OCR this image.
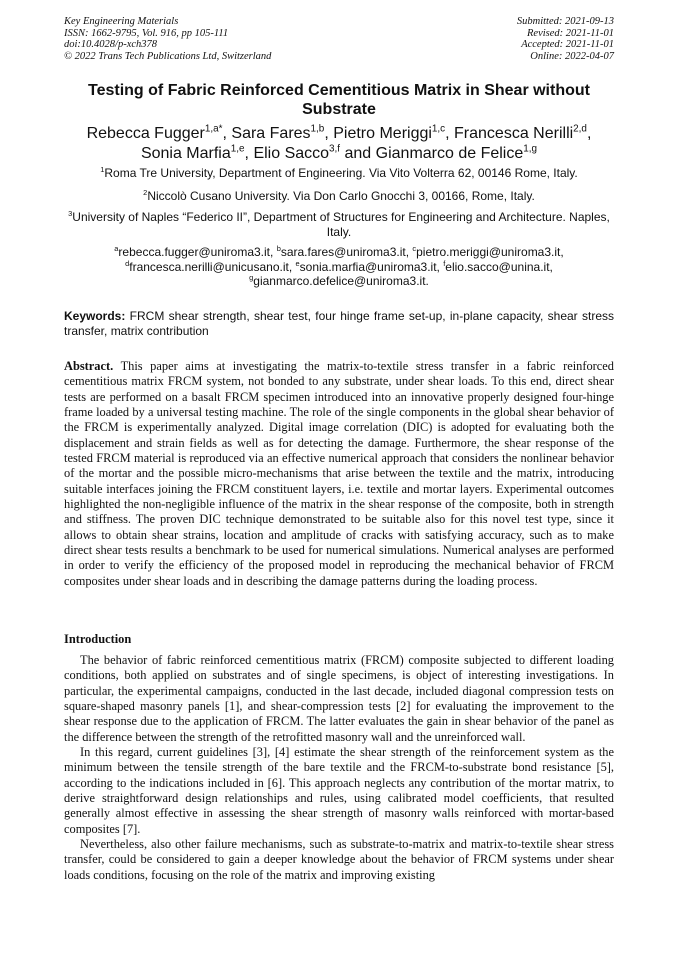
Key Engineering Materials
ISSN: 1662-9795, Vol. 916, pp 105-111
doi:10.4028/p-xch378
© 2022 Trans Tech Publications Ltd, Switzerland
Submitted: 2021-09-13
Revised: 2021-11-01
Accepted: 2021-11-01
Online: 2022-04-07
Testing of Fabric Reinforced Cementitious Matrix in Shear without Substrate
Rebecca Fugger$^{1,a*}$, Sara Fares$^{1,b}$, Pietro Meriggi$^{1,c}$, Francesca Nerilli$^{2,d}$,
Sonia Marfia$^{1,e}$, Elio Sacco$^{3,f}$ and Gianmarco de Felice$^{1,g}$
$^1$Roma Tre University, Department of Engineering. Via Vito Volterra 62, 00146 Rome, Italy.
$^2$Niccolò Cusano University. Via Don Carlo Gnocchi 3, 00166, Rome, Italy.
$^3$University of Naples “Federico II”, Department of Structures for Engineering and Architecture. Naples, Italy.
$^a$rebecca.fugger@uniroma3.it, $^b$sara.fares@uniroma3.it, $^c$pietro.meriggi@uniroma3.it,
$^d$francesca.nerilli@unicusano.it, $^e$sonia.marfia@uniroma3.it, $^f$elio.sacco@unina.it,
$^g$gianmarco.defelice@uniroma3.it.
Keywords: FRCM shear strength, shear test, four hinge frame set-up, in-plane capacity, shear stress transfer, matrix contribution
Abstract. This paper aims at investigating the matrix-to-textile stress transfer in a fabric reinforced cementitious matrix FRCM system, not bonded to any substrate, under shear loads. To this end, direct shear tests are performed on a basalt FRCM specimen introduced into an innovative properly designed four-hinge frame loaded by a universal testing machine. The role of the single components in the global shear behavior of the FRCM is experimentally analyzed. Digital image correlation (DIC) is adopted for evaluating both the displacement and strain fields as well as for detecting the damage. Furthermore, the shear response of the tested FRCM material is reproduced via an effective numerical approach that considers the nonlinear behavior of the mortar and the possible micro-mechanisms that arise between the textile and the matrix, introducing suitable interfaces joining the FRCM constituent layers, i.e. textile and mortar layers. Experimental outcomes highlighted the non-negligible influence of the matrix in the shear response of the composite, both in strength and stiffness. The proven DIC technique demonstrated to be suitable also for this novel test type, since it allows to obtain shear strains, location and amplitude of cracks with satisfying accuracy, such as to make direct shear tests results a benchmark to be used for numerical simulations. Numerical analyses are performed in order to verify the efficiency of the proposed model in reproducing the mechanical behavior of FRCM composites under shear loads and in describing the damage patterns during the loading process.
Introduction

The behavior of fabric reinforced cementitious matrix (FRCM) composite subjected to different loading conditions, both applied on substrates and of single specimens, is object of interesting investigations. In particular, the experimental campaigns, conducted in the last decade, included diagonal compression tests on square-shaped masonry panels [1], and shear-compression tests [2] for evaluating the improvement to the shear response due to the application of FRCM. The latter evaluates the gain in shear behavior of the panel as the difference between the strength of the retrofitted masonry wall and the unreinforced wall.

In this regard, current guidelines [3], [4] estimate the shear strength of the reinforcement system as the minimum between the tensile strength of the bare textile and the FRCM-to-substrate bond resistance [5], according to the indications included in [6]. This approach neglects any contribution of the mortar matrix, to derive straightforward design relationships and rules, using calibrated model coefficients, that resulted generally almost effective in assessing the shear strength of masonry walls reinforced with mortar-based composites [7].

Nevertheless, also other failure mechanisms, such as substrate-to-matrix and matrix-to-textile shear stress transfer, could be considered to gain a deeper knowledge about the behavior of FRCM systems under shear loads conditions, focusing on the role of the matrix and improving existing
